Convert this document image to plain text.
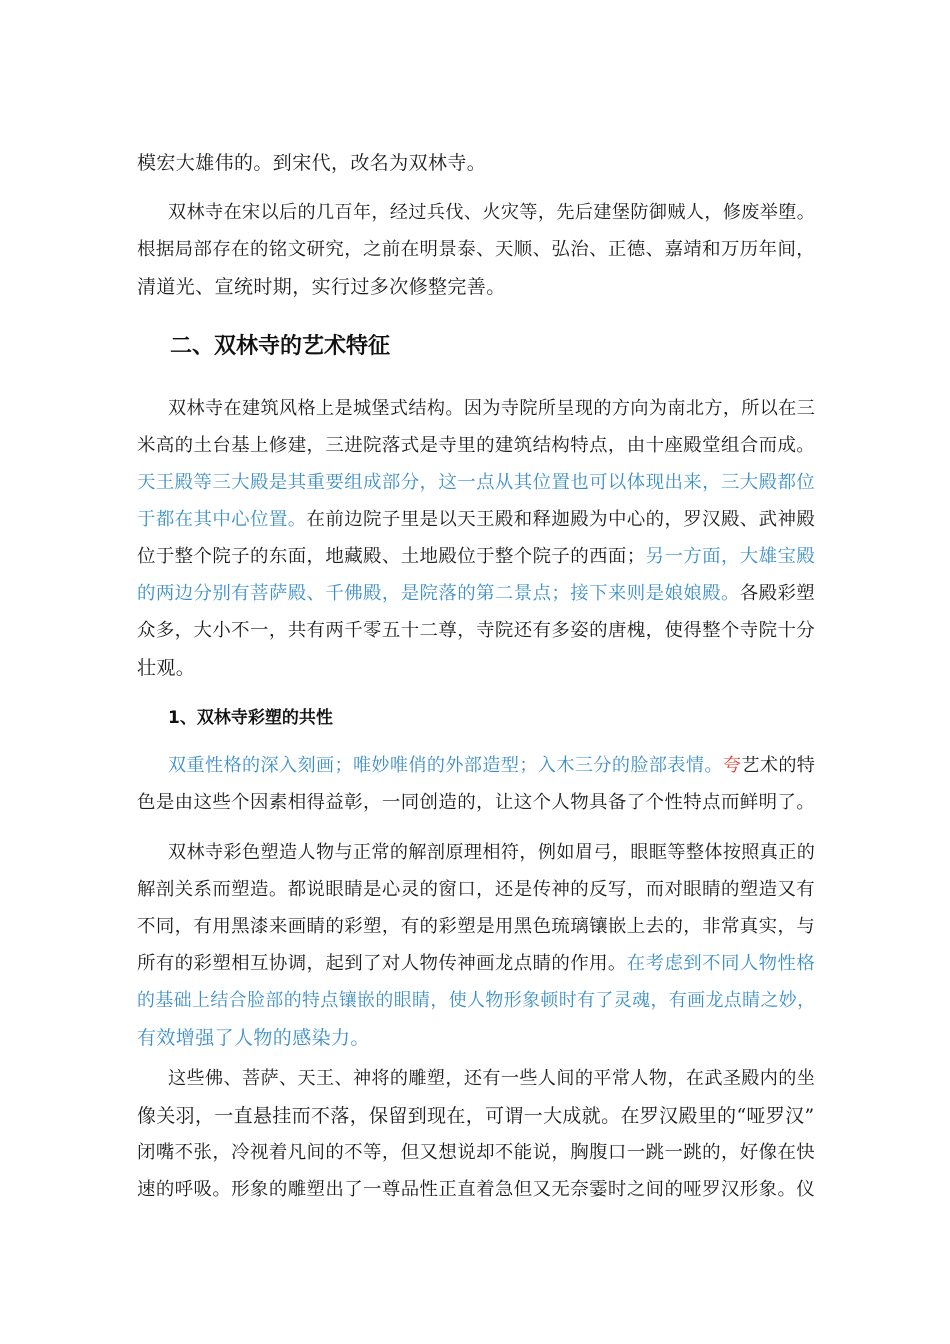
模宏大雄伟的。到宋代，改名为双林寺。
双林寺在宋以后的几百年，经过兵伐、火灾等，先后建堡防御贼人，修废举堕。
根据局部存在的铭文研究，之前在明景泰、天顺、弘治、正德、嘉靖和万历年间，
清道光、宣统时期，实行过多次修整完善。
二、双林寺的艺术特征
双林寺在建筑风格上是城堡式结构。因为寺院所呈现的方向为南北方，所以在三
米高的土台基上修建，三进院落式是寺里的建筑结构特点，由十座殿堂组合而成。
天王殿等三大殿是其重要组成部分，这一点从其位置也可以体现出来，三大殿都位
于都在其中心位置。在前边院子里是以天王殿和释迦殿为中心的，罗汉殿、武神殿
位于整个院子的东面，地藏殿、土地殿位于整个院子的西面；另一方面，大雄宝殿
的两边分别有菩萨殿、千佛殿，是院落的第二景点；接下来则是娘娘殿。各殿彩塑
众多，大小不一，共有两千零五十二尊，寺院还有多姿的唐槐，使得整个寺院十分
壮观。
1、双林寺彩塑的共性
双重性格的深入刻画；唯妙唯俏的外部造型；入木三分的脸部表情。夸艺术的特
色是由这些个因素相得益彰，一同创造的，让这个人物具备了个性特点而鲜明了。
双林寺彩色塑造人物与正常的解剖原理相符，例如眉弓，眼眶等整体按照真正的
解剖关系而塑造。都说眼睛是心灵的窗口，还是传神的反写，而对眼睛的塑造又有
不同，有用黑漆来画睛的彩塑，有的彩塑是用黑色琉璃镶嵌上去的，非常真实，与
所有的彩塑相互协调，起到了对人物传神画龙点睛的作用。在考虑到不同人物性格
的基础上结合脸部的特点镶嵌的眼睛，使人物形象顿时有了灵魂，有画龙点睛之妙，
有效增强了人物的感染力。
这些佛、菩萨、天王、神将的雕塑，还有一些人间的平常人物，在武圣殿内的坐
像关羽，一直悬挂而不落，保留到现在，可谓一大成就。在罗汉殿里的“哑罗汉”
闭嘴不张，冷视着凡间的不等，但又想说却不能说，胸腹口一跳一跳的，好像在快
速的呼吸。形象的雕塑出了一尊品性正直着急但又无奈霎时之间的哑罗汉形象。仪
